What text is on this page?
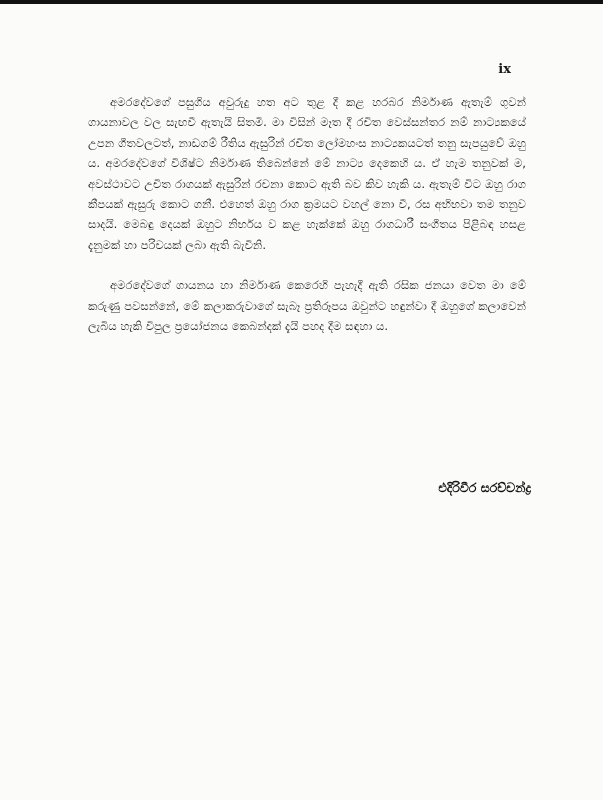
ix

අමරදේවගේ පසුගිය අවුරුදු හත අට තුළ දී කළ හරබර නිර්මාණ ඇතැම් ගුවන් ගායනාවල වල සැඟවී ඇතැයි සිතමි. මා විසින් මෑත දී රචිත වෙස්සන්තර නම් නාට්‍යකයේ උපන ගීතවලටත්, නාඩගම් රීතිය ඇසුරින් රචිත ලෝමහංස නාට්‍යකයටත් තනු සැපයුවේ ඔහු ය. අමරදේවගේ විශිෂ්ට නිර්මාණ තිබෙන්නේ මේ නාට්‍ය දෙකෙහි ය. ඒ හැම තනුවක් ම, අවස්ථාවට උචිත රාගයක් ඇසුරින් රචනා කොට ඇති බව කිව හැකි ය. ඇතැම් විට ඔහු රාග කීපයක් ඇසුරු කොට ගනී. එහෙත් ඔහු රාග ක්‍රමයට වහල් නො වී, රස අභිභවා තම තනුව සාදයි. මෙබඳු දෙයක් ඔහුට නිර්භය ව කළ හැක්කේ ඔහු රාගධාරී සංගීතය පිළිබඳ හසළ දැනුමක් හා පරිචයක් ලබා ඇති බැවිනි.

අමරදේවගේ ගායනය හා නිර්මාණ කෙරෙහි පැහැදී ඇති රසික ජනයා වෙත මා මේ කරුණු පවසන්නේ, මේ කලාකරුවාගේ සැබෑ ප්‍රතිරූපය ඔවුන්ට හඳුන්වා දී ඔහුගේ කලාවෙන් ලැබිය හැකි විපුල ප්‍රයෝජනය කෙබන්දක් දැයි පහද දීම සඳහා ය.

එදිරිවීර සරච්චන්ද්‍ර
